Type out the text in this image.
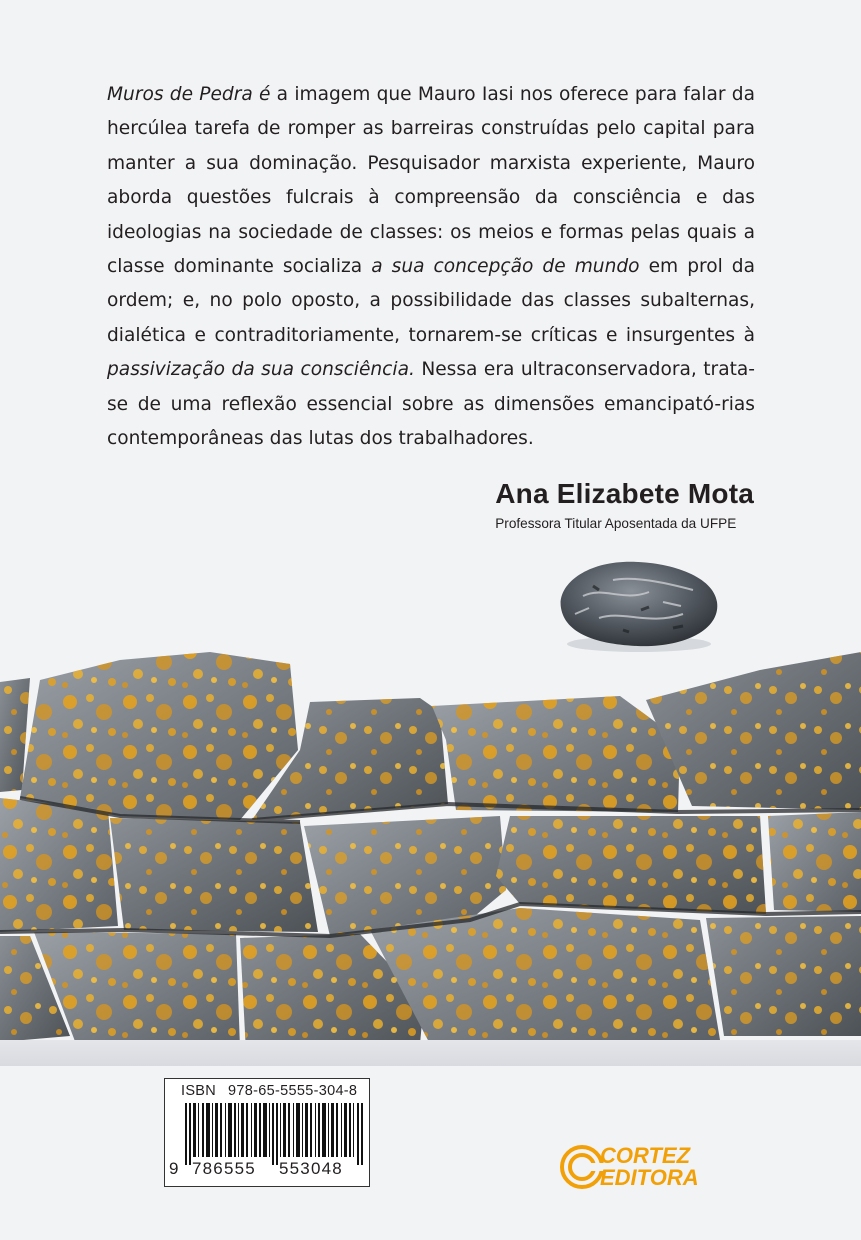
Muros de Pedra é a imagem que Mauro Iasi nos oferece para falar da hercúlea tarefa de romper as barreiras construídas pelo capital para manter a sua dominação. Pesquisador marxista experiente, Mauro aborda questões fulcrais à compreensão da consciência e das ideologias na sociedade de classes: os meios e formas pelas quais a classe dominante socializa a sua concepção de mundo em prol da ordem; e, no polo oposto, a possibilidade das classes subalternas, dialética e contraditoriamente, tornarem-se críticas e insurgentes à passivização da sua consciência. Nessa era ultraconservadora, trata-se de uma reflexão essencial sobre as dimensões emancipató-rias contemporâneas das lutas dos trabalhadores.
Ana Elizabete Mota
Professora Titular Aposentada da UFPE
ISBN 978-65-5555-304-8
9 786555 553048
CORTEZ
EDITORA
